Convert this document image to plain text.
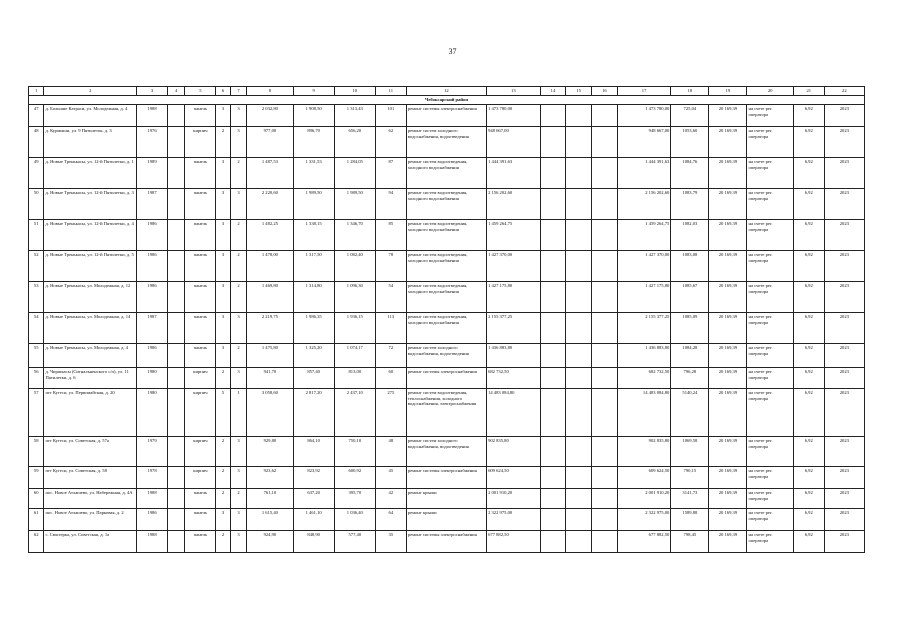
37
1	2	3	4	5	6	7	8	9	10	11	12	13	14	15	16	17	18	19	20	21	22
Чебоксарский район																					
47	д. Большие Катраси, ул. Молодежная, д. 4	1988		панель	3	3	2 032,80	1 908,50	1 313,43	101	ремонт системы электроснабжения	1 473 780,00				1 473 780,00	725,04	20 169,39	на счете рег. оператора	6,92	2023
48	д. Курмыши, ул. 9 Пятилеток, д. 3	1976		кирпич	2	3	977,00	896,70	656,20	62	ремонт систем холодного водоснабжения, водоотведения	948 667,00				948 667,00	1053,60	20 169,39	на счете рег. оператора	6,92	2023
49	д. Новые Тренькасы, ул. 12-й Пятилетки, д. 1	1989		панель	3	2	1 487,53	1 331,53	1 284,05	87	ремонт систем водоотведения, холодного водоснабжения	1 444 391,63				1 444 391,63	1084,76	20 169,39	на счете рег. оператора	6,92	2023
50	д. Новые Тренькасы, ул. 12-й Пятилетки, д. 3	1987		панель	3	3	2 220,60	1 989,50	1 989,50	94	ремонт систем водоотведения, холодного водоснабжения	2 156 202,60				2 156 202,60	1083,79	20 169,39	на счете рег. оператора	6,92	2023
51	д. Новые Тренькасы, ул. 12-й Пятилетки, д. 4	1986		панель	3	2	1 482,25	1 338,15	1 346,70	85	ремонт систем водоотведения, холодного водоснабжения	1 459 264,75				1 459 264,75	1082,03	20 169,39	на счете рег. оператора	6,92	2023
52	д. Новые Тренькасы, ул. 12-й Пятилетки, д. 5	1986		панель	3	2	1 478,00	1 317,50	1 082,40	78	ремонт систем водоотведения, холодного водоснабжения	1 427 370,00				1 427 370,00	1083,08	20 169,39	на счете рег. оператора	6,92	2023
53	д. Новые Тренькасы, ул. Молодежная, д. 12	1986		панель	3	2	1 469,80	1 314,80	1 096,30	54	ремонт систем водоотведения, холодного водоснабжения	1 427 175,80				1 427 175,80	1085,67	20 169,39	на счете рег. оператора	6,92	2023
54	д. Новые Тренькасы, ул. Молодежная, д. 14	1987		панель	3	3	2 219,75	1 986,35	1 936,15	113	ремонт систем водоотведения, холодного водоснабжения	2 155 377,25				2 155 377,25	1085,09	20 169,39	на счете рег. оператора	6,92	2023
55	д. Новые Тренькасы, ул. Молодежная, д. 4	1986		панель	3	2	1 475,80	1 325,20	1 074,17	72	ремонт систем холодного водоснабжения, водоотведения	1 436 883,80				1 436 883,80	1084,28	20 169,39	на счете рег. оператора	6,92	2023
56	д. Чиршкасы (Сигнальненского с/п), ул. 11 Пятилетки, д. 6	1980		кирпич	2	3	941,70	857,40	813,00	60	ремонт системы электроснабжения	682 732,50				682 732,50	796,28	20 169,39	на счете рег. оператора	6,92	2023
57	пгт Кугеси, ул. Первомайская, д. 20	1980		кирпич	5	1	3 058,60	2 817,20	2 437,10	275	ремонт систем водоотведения, теплоснабжения, холодного водоснабжения, электроснабжения	14 483 084,80				14 483 084,80	5140,24	20 169,39	на счете рег. оператора	6,92	2023
58	пгт Кугеси, ул. Советская, д. 57а	1979		кирпич	2	3	929,80	864,10	750,10	48	ремонт систем холодного водоснабжения, водоотведения	902 835,80				902 835,80	1069,58	20 169,39	на счете рег. оператора	6,92	2023
59	пгт Кугеси, ул. Советская, д. 58	1978		кирпич	2	3	923,62	823,92	600,92	45	ремонт системы электроснабжения	609 624,50				609 624,50	790,15	20 169,39	на счете рег. оператора	6,92	2023
60	пос. Новое Атлашево, ул. Набережная, д. 4А	1988		панель	2	2	761,10	637,20	395,70	42	ремонт крыши	2 001 910,20				2 001 910,20	3141,73	20 169,39	на счете рег. оператора	6,92	2023
61	пос. Новое Атлашево, ул. Парковая, д. 2	1986		панель	3	3	1 615,40	1 461,10	1 036,40	64	ремонт крыши	2 322 975,00				2 322 975,00	1589,88	20 169,39	на счете рег. оператора	6,92	2023
62	с. Сюктерка, ул. Советская, д. 1а	1988		панель	2	3	924,90	848,90	577,40	35	ремонт системы электроснабжения	677 882,50				677 882,50	798,45	20 169,39	на счете рег. оператора	6,92	2023
